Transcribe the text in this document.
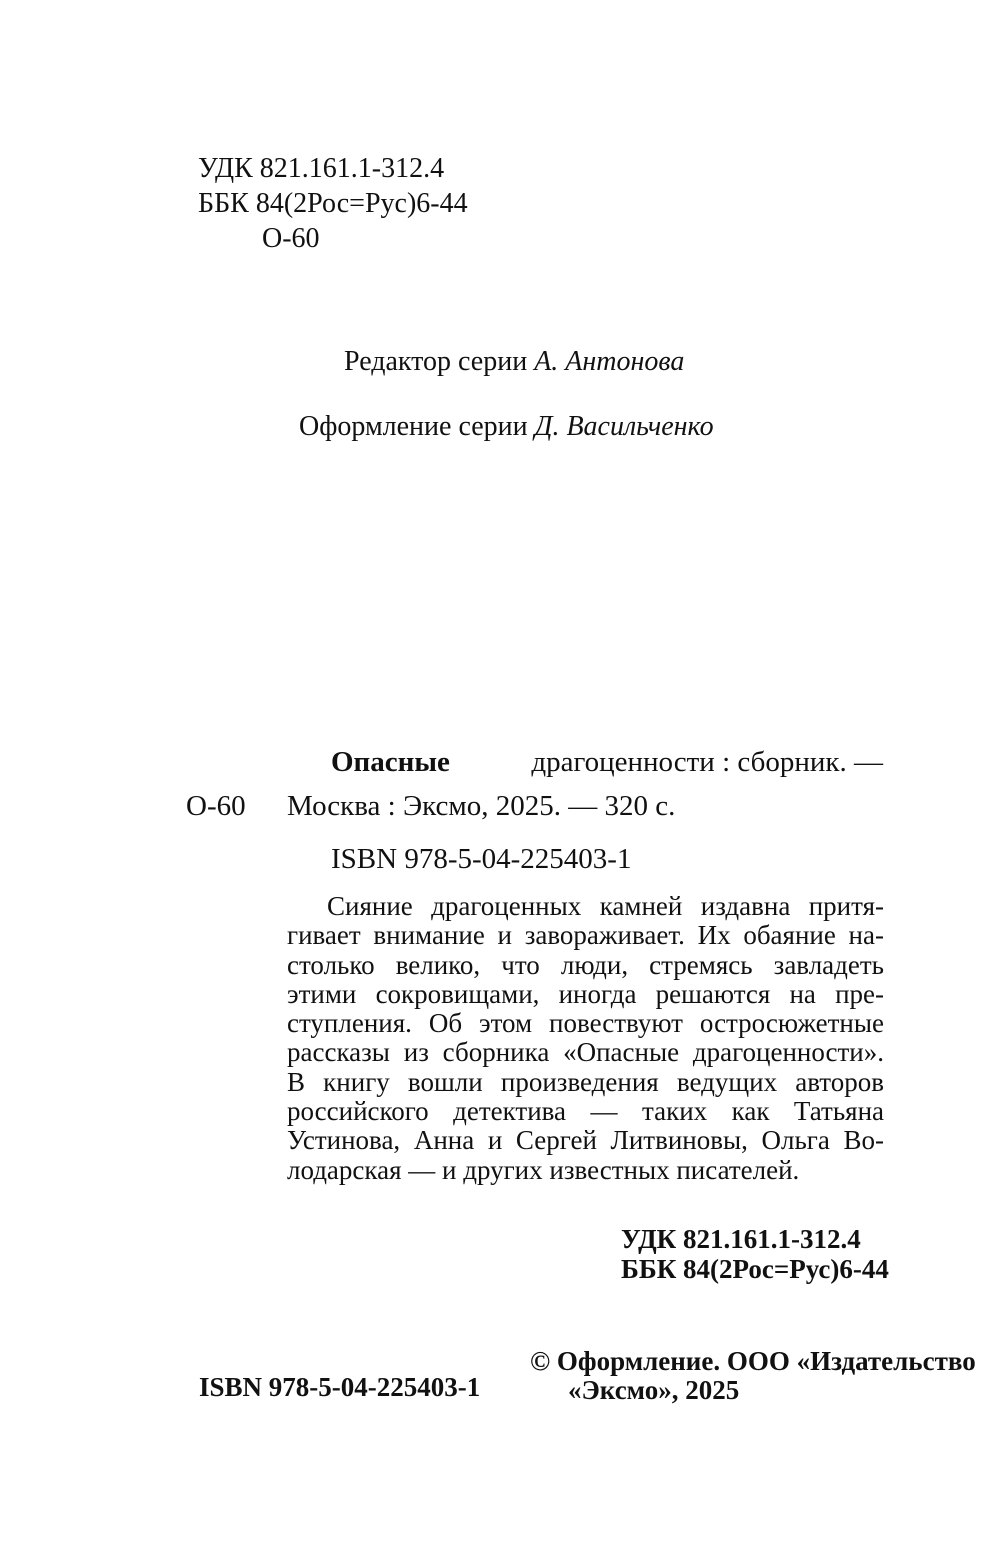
УДК 821.161.1-312.4
ББК 84(2Рос=Рус)6-44
О-60
Редактор серии А. Антонова
Оформление серии Д. Васильченко
Опасные	драгоценности : сборник. —
О-60 Москва : Эксмо, 2025. — 320 с.
ISBN 978-5-04-225403-1
Сияние драгоценных камней издавна притя-
гивает внимание и завораживает. Их обаяние на-
столько велико, что люди, стремясь завладеть
этими сокровищами, иногда решаются на пре-
ступления. Об этом повествуют остросюжетные
рассказы из сборника «Опасные драгоценности».
В книгу вошли произведения ведущих авторов
российского детектива — таких как Татьяна
Устинова, Анна и Сергей Литвиновы, Ольга Во-
лодарская — и других известных писателей.
УДК 821.161.1-312.4
ББК 84(2Рос=Рус)6-44
ISBN 978-5-04-225403-1
© Оформление. ООО «Издательство
«Эксмо», 2025
